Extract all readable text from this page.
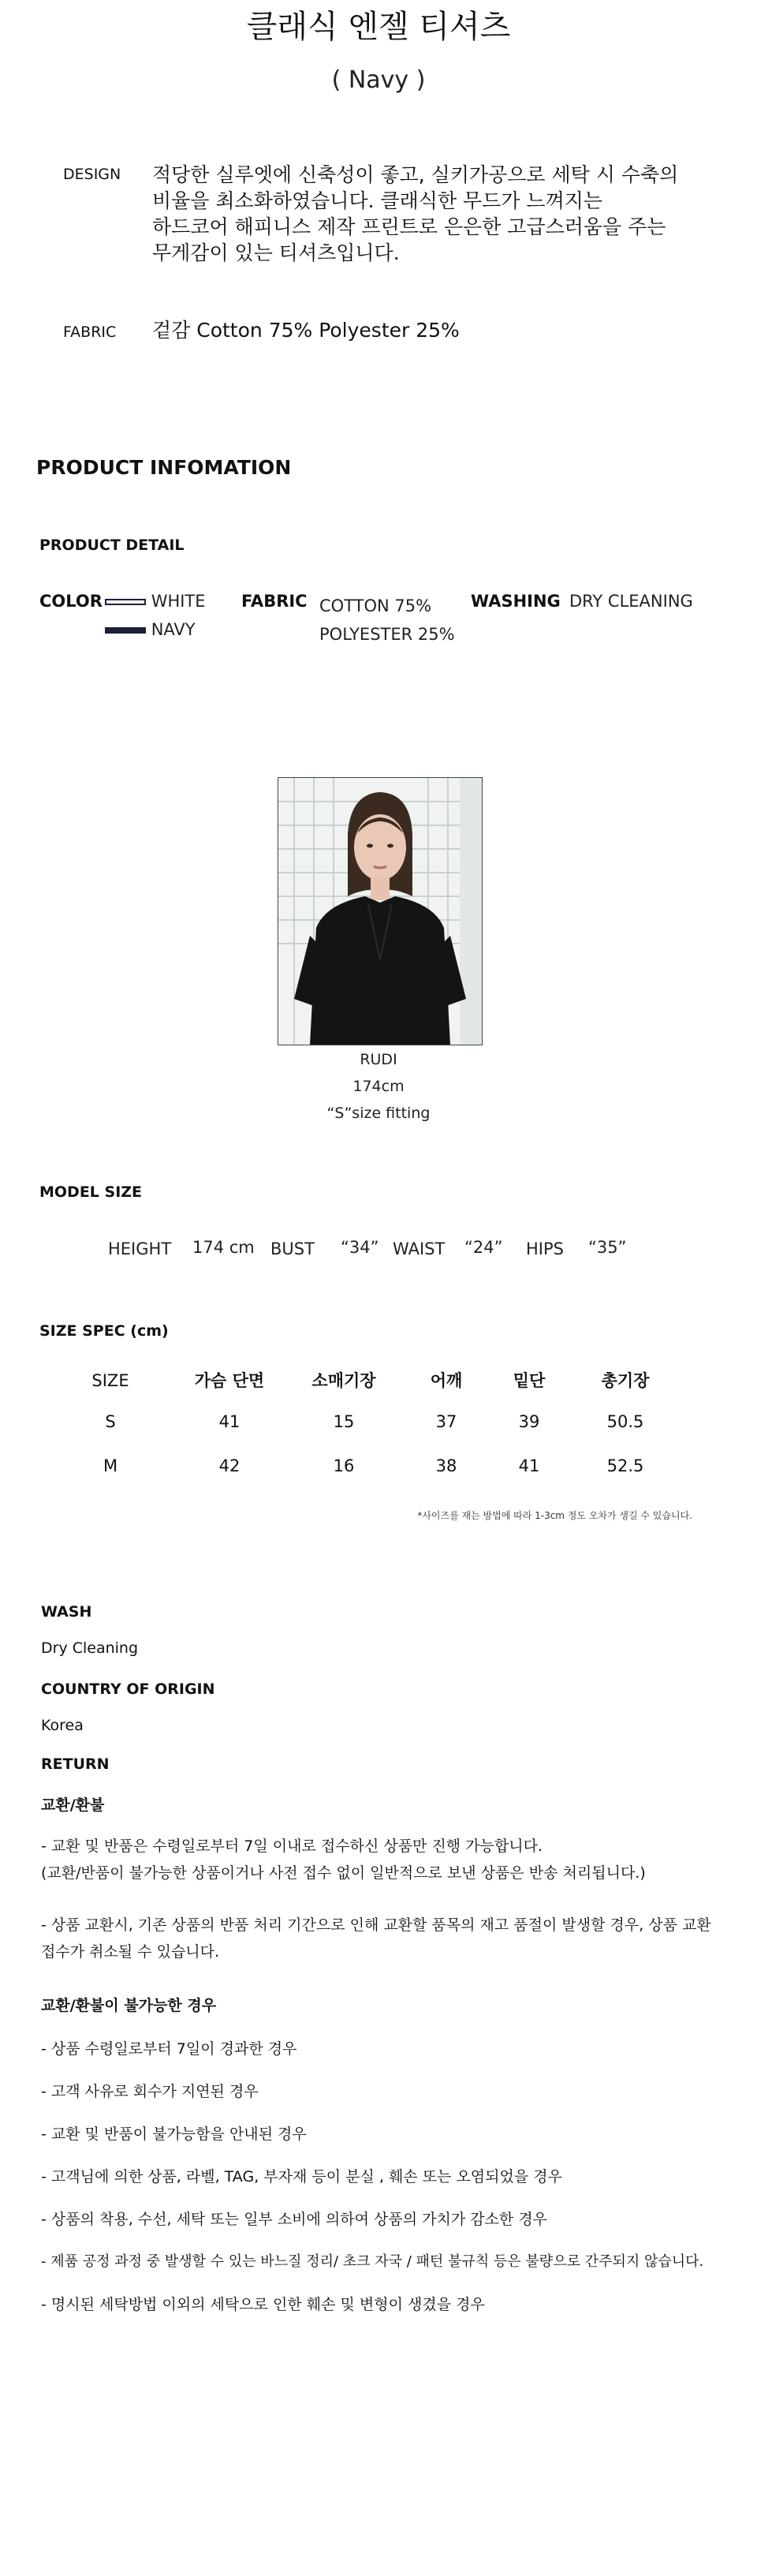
클래식 엔젤 티셔츠
( Navy )
DESIGN 적당한 실루엣에 신축성이 좋고, 실키가공으로 세탁 시 수축의
비율을 최소화하였습니다. 클래식한 무드가 느껴지는
하드코어 해피니스 제작 프린트로 은은한 고급스러움을 주는
무게감이 있는 티셔츠입니다.
FABRIC 겉감 Cotton 75% Polyester 25%
PRODUCT INFOMATION
PRODUCT DETAIL
COLOR	WHITE
NAVY
FABRIC COTTON 75%
POLYESTER 25%
WASHING DRY CLEANING
RUDI
174cm
“S”size fitting
MODEL SIZE
HEIGHT 174 cm BUST “34” WAIST “24” HIPS “35”
SIZE SPEC (cm)
SIZE	가슴 단면	소매기장	어깨	밑단	총기장
S	41	15	37	39	50.5
M	42	16	38	41	52.5
*사이즈를 재는 방법에 따라 1-3cm 정도 오차가 생길 수 있습니다.
WASH
Dry Cleaning
COUNTRY OF ORIGIN
Korea
RETURN
교환/환불
- 교환 및 반품은 수령일로부터 7일 이내로 접수하신 상품만 진행 가능합니다.
(교환/반품이 불가능한 상품이거나 사전 접수 없이 일반적으로 보낸 상품은 반송 처리됩니다.)
- 상품 교환시, 기존 상품의 반품 처리 기간으로 인해 교환할 품목의 재고 품절이 발생할 경우, 상품 교환
접수가 취소될 수 있습니다.
교환/환불이 불가능한 경우
- 상품 수령일로부터 7일이 경과한 경우
- 고객 사유로 회수가 지연된 경우
- 교환 및 반품이 불가능함을 안내된 경우
- 고객님에 의한 상품, 라벨, TAG, 부자재 등이 분실 , 훼손 또는 오염되었을 경우
- 상품의 착용, 수선, 세탁 또는 일부 소비에 의하여 상품의 가치가 감소한 경우
- 제품 공정 과정 중 발생할 수 있는 바느질 정리/ 초크 자국 / 패턴 불규칙 등은 불량으로 간주되지 않습니다.
- 명시된 세탁방법 이외의 세탁으로 인한 훼손 및 변형이 생겼을 경우
